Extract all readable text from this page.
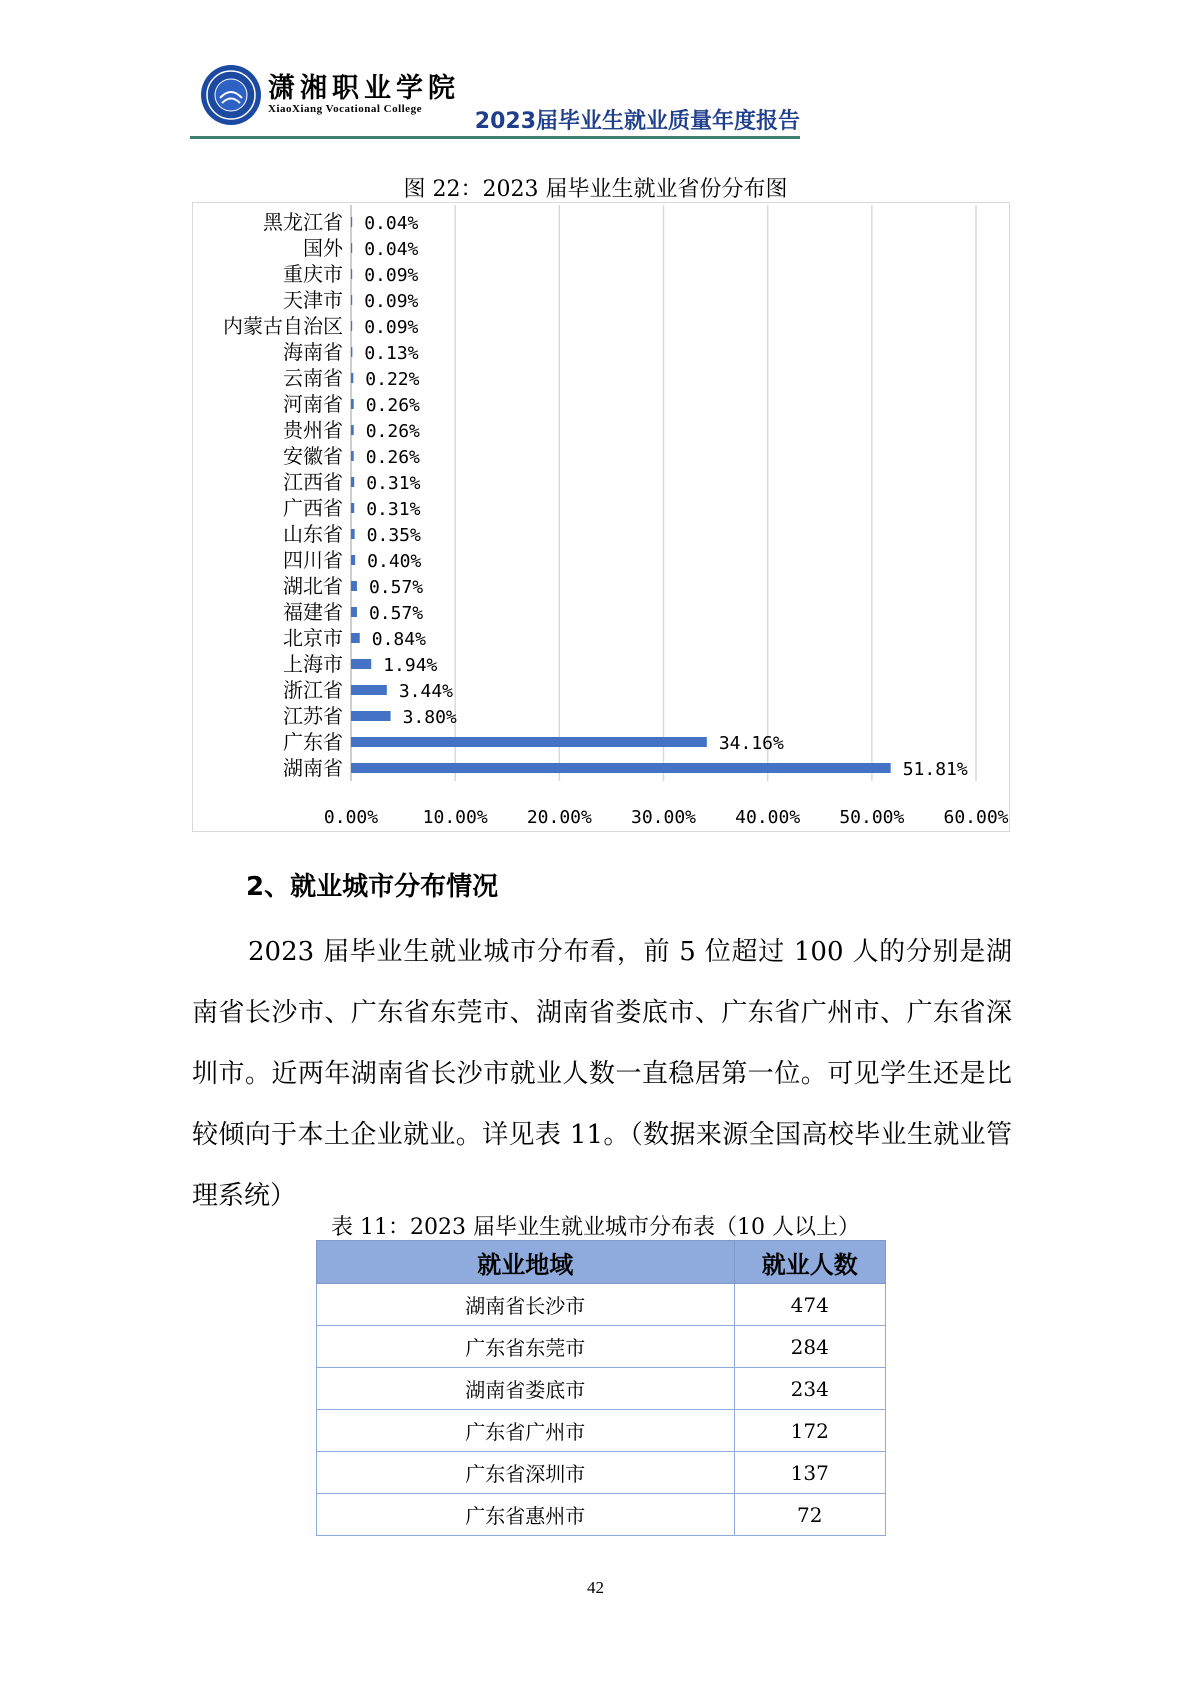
潇湘职业学院
XiaoXiang Vocational College 2023届毕业生就业质量年度报告
图 22：2023 届毕业生就业省份分布图
0.00% 10.00% 20.00% 30.00% 40.00% 50.00% 60.00%
黑龙江省 0.04%
国外 0.04%
重庆市 0.09%
天津市 0.09%
内蒙古自治区 0.09%
海南省 0.13%
云南省 0.22%
河南省 0.26%
贵州省 0.26%
安徽省 0.26%
江西省 0.31%
广西省 0.31%
山东省 0.35%
四川省 0.40%
湖北省 0.57%
福建省 0.57%
北京市 0.84%
上海市 1.94%
浙江省	3.44%
江苏省	3.80%
广东省	34.16%
湖南省	51.81%
2、就业城市分布情况
2023 届毕业生就业城市分布看，前 5 位超过 100 人的分别是湖南省长沙市、广东省东莞市、湖南省娄底市、广东省广州市、广东省深圳市。近两年湖南省长沙市就业人数一直稳居第一位。可见学生还是比较倾向于本土企业就业。详见表 11。（数据来源全国高校毕业生就业管理系统）
表 11：2023 届毕业生就业城市分布表（10 人以上）
就业地域	就业人数
湖南省长沙市	474
广东省东莞市	284
湖南省娄底市	234
广东省广州市	172
广东省深圳市	137
广东省惠州市	72
42
